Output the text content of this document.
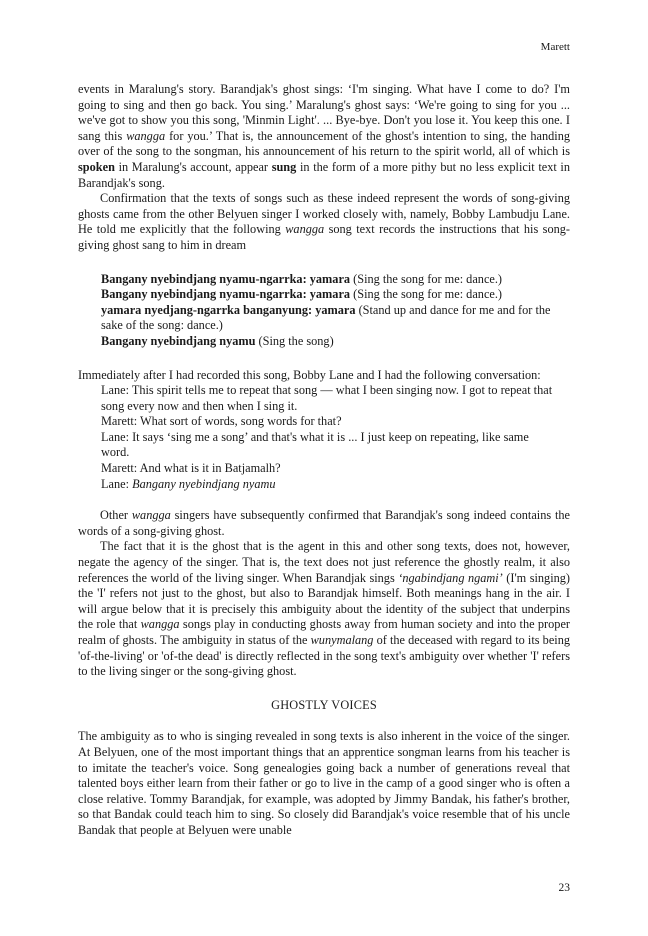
Marett

events in Maralung's story. Barandjak's ghost sings: ‘I'm singing. What have I come to do? I'm going to sing and then go back. You sing.’ Maralung's ghost says: ‘We're going to sing for you ... we've got to show you this song, 'Minmin Light'. ... Bye-bye. Don't you lose it. You keep this one. I sang this wangga for you.’ That is, the announcement of the ghost's intention to sing, the handing over of the song to the songman, his announcement of his return to the spirit world, all of which is spoken in Maralung's account, appear sung in the form of a more pithy but no less explicit text in Barandjak's song.

Confirmation that the texts of songs such as these indeed represent the words of song-giving ghosts came from the other Belyuen singer I worked closely with, namely, Bobby Lambudju Lane. He told me explicitly that the following wangga song text records the instructions that his song-giving ghost sang to him in dream

Bangany nyebindjang nyamu-ngarrka: yamara (Sing the song for me: dance.)
Bangany nyebindjang nyamu-ngarrka: yamara (Sing the song for me: dance.)
yamara nyedjang-ngarrka banganyung: yamara (Stand up and dance for me and for the sake of the song: dance.)
Bangany nyebindjang nyamu (Sing the song)

Immediately after I had recorded this song, Bobby Lane and I had the following conversation:

Lane: This spirit tells me to repeat that song — what I been singing now. I got to repeat that song every now and then when I sing it.
Marett: What sort of words, song words for that?
Lane: It says ‘sing me a song’ and that's what it is ... I just keep on repeating, like same word.
Marett: And what is it in Batjamalh?
Lane: Bangany nyebindjang nyamu

Other wangga singers have subsequently confirmed that Barandjak's song indeed contains the words of a song-giving ghost.

The fact that it is the ghost that is the agent in this and other song texts, does not, however, negate the agency of the singer. That is, the text does not just reference the ghostly realm, it also references the world of the living singer. When Barandjak sings ‘ngabindjang ngami’ (I'm singing) the 'I' refers not just to the ghost, but also to Barandjak himself. Both meanings hang in the air. I will argue below that it is precisely this ambiguity about the identity of the subject that underpins the role that wangga songs play in conducting ghosts away from human society and into the proper realm of ghosts. The ambiguity in status of the wunymalang of the deceased with regard to its being 'of-the-living' or 'of-the dead' is directly reflected in the song text's ambiguity over whether 'I' refers to the living singer or the song-giving ghost.

GHOSTLY VOICES

The ambiguity as to who is singing revealed in song texts is also inherent in the voice of the singer. At Belyuen, one of the most important things that an apprentice songman learns from his teacher is to imitate the teacher's voice. Song genealogies going back a number of generations reveal that talented boys either learn from their father or go to live in the camp of a good singer who is often a close relative. Tommy Barandjak, for example, was adopted by Jimmy Bandak, his father's brother, so that Bandak could teach him to sing. So closely did Barandjak's voice resemble that of his uncle Bandak that people at Belyuen were unable

23
